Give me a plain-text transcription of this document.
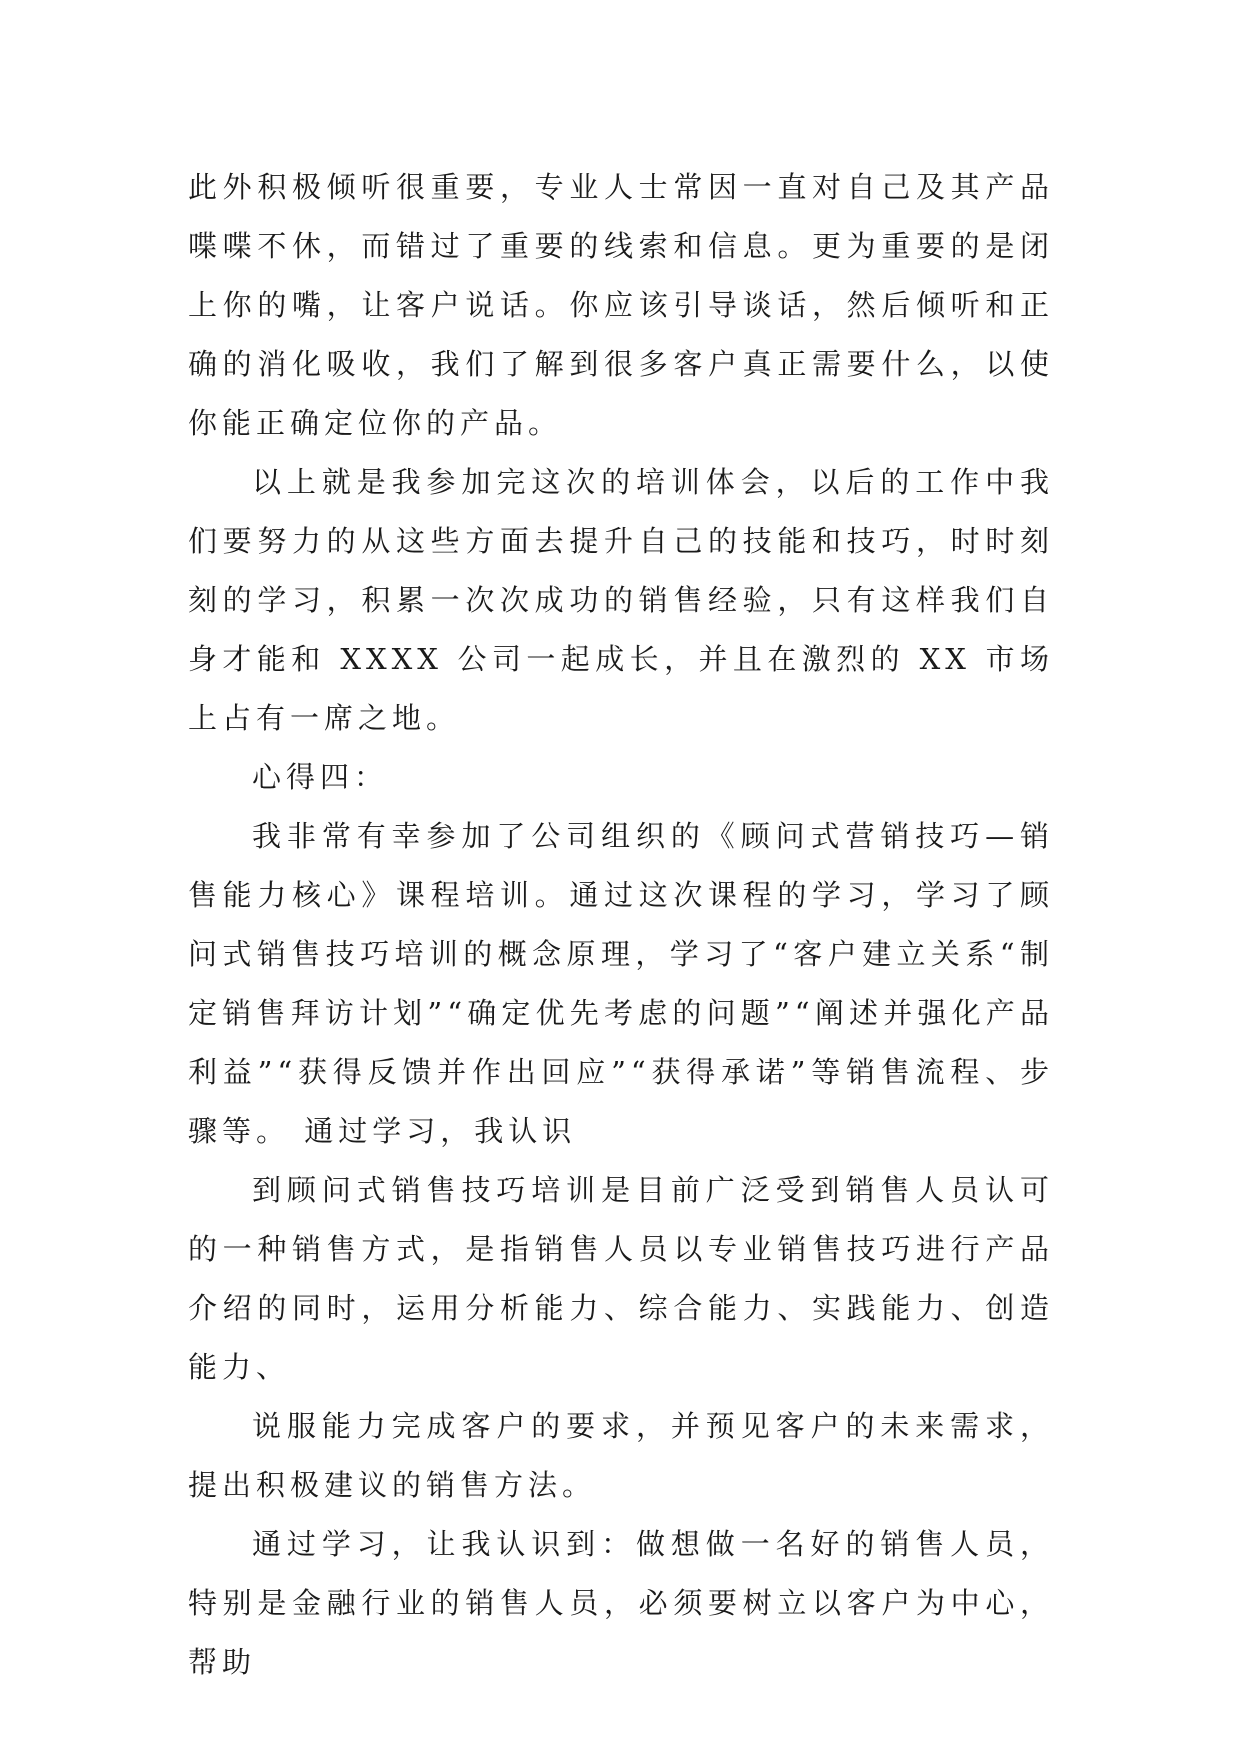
此外积极倾听很重要，专业人士常因一直对自己及其产品喋喋不休，而错过了重要的线索和信息。更为重要的是闭上你的嘴，让客户说话。你应该引导谈话，然后倾听和正确的消化吸收，我们了解到很多客户真正需要什么，以使你能正确定位你的产品。

以上就是我参加完这次的培训体会，以后的工作中我们要努力的从这些方面去提升自己的技能和技巧，时时刻刻的学习，积累一次次成功的销售经验，只有这样我们自身才能和 XXXX 公司一起成长，并且在激烈的 XX 市场上占有一席之地。

心得四：

我非常有幸参加了公司组织的《顾问式营销技巧—销售能力核心》课程培训。通过这次课程的学习，学习了顾问式销售技巧培训的概念原理，学习了“客户建立关系“制定销售拜访计划”“确定优先考虑的问题”“阐述并强化产品利益”“获得反馈并作出回应”“获得承诺”等销售流程、步骤等。 通过学习，我认识

到顾问式销售技巧培训是目前广泛受到销售人员认可的一种销售方式，是指销售人员以专业销售技巧进行产品介绍的同时，运用分析能力、综合能力、实践能力、创造能力、

说服能力完成客户的要求，并预见客户的未来需求，提出积极建议的销售方法。

通过学习，让我认识到：做想做一名好的销售人员，特别是金融行业的销售人员，必须要树立以客户为中心，帮助
